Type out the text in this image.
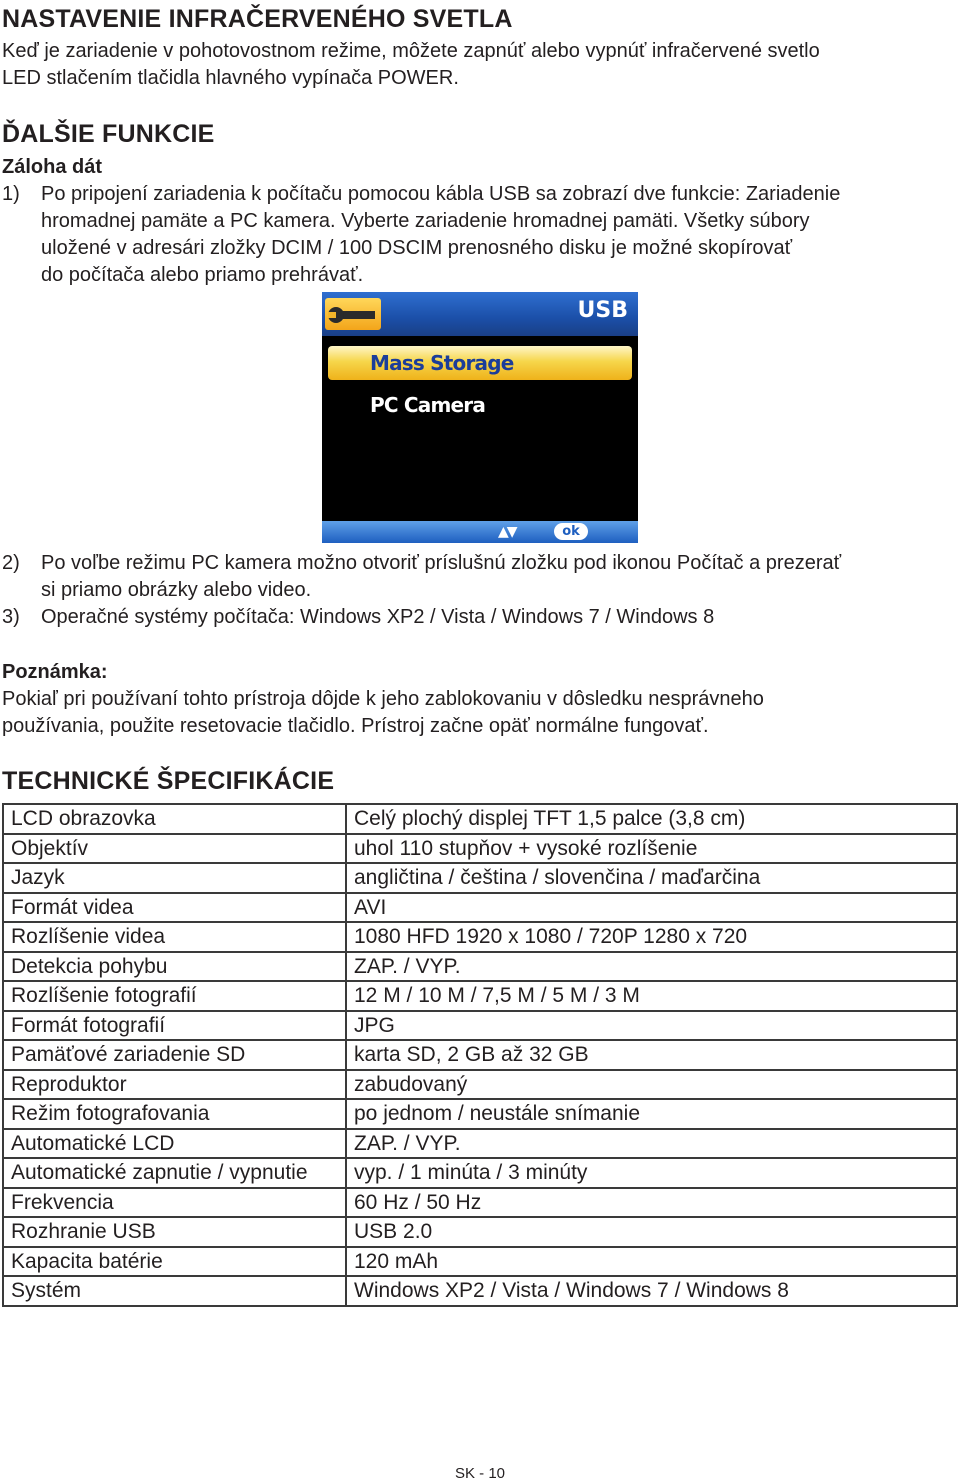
NASTAVENIE INFRAČERVENÉHO SVETLA
Keď je zariadenie v pohotovostnom režime, môžete zapnúť alebo vypnúť infračervené svetlo
LED stlačením tlačidla hlavného vypínača POWER.
ĎALŠIE FUNKCIE
Záloha dát
1) Po pripojení zariadenia k počítaču pomocou kábla USB sa zobrazí dve funkcie: Zariadenie
hromadnej pamäte a PC kamera. Vyberte zariadenie hromadnej pamäti. Všetky súbory
uložené v adresári zložky DCIM / 100 DSCIM prenosného disku je možné skopírovať
do počítača alebo priamo prehrávať.
USB
Mass Storage
PC Camera
▲▼	ok
2) Po voľbe režimu PC kamera možno otvoriť príslušnú zložku pod ikonou Počítač a prezerať
si priamo obrázky alebo video.
3) Operačné systémy počítača: Windows XP2 / Vista / Windows 7 / Windows 8
Poznámka:
Pokiaľ pri používaní tohto prístroja dôjde k jeho zablokovaniu v dôsledku nesprávneho
používania, použite resetovacie tlačidlo. Prístroj začne opäť normálne fungovať.
TECHNICKÉ ŠPECIFIKÁCIE
LCD obrazovka	Celý plochý displej TFT 1,5 palce (3,8 cm)
Objektív	uhol 110 stupňov + vysoké rozlíšenie
Jazyk	angličtina / čeština / slovenčina / maďarčina
Formát videa	AVI
Rozlíšenie videa	1080 HFD 1920 x 1080 / 720P 1280 x 720
Detekcia pohybu	ZAP. / VYP.
Rozlíšenie fotografií	12 M / 10 M / 7,5 M / 5 M / 3 M
Formát fotografií	JPG
Pamäťové zariadenie SD	karta SD, 2 GB až 32 GB
Reproduktor	zabudovaný
Režim fotografovania	po jednom / neustále snímanie
Automatické LCD	ZAP. / VYP.
Automatické zapnutie / vypnutie	vyp. / 1 minúta / 3 minúty
Frekvencia	60 Hz / 50 Hz
Rozhranie USB	USB 2.0
Kapacita batérie	120 mAh
Systém	Windows XP2 / Vista / Windows 7 / Windows 8
SK - 10
